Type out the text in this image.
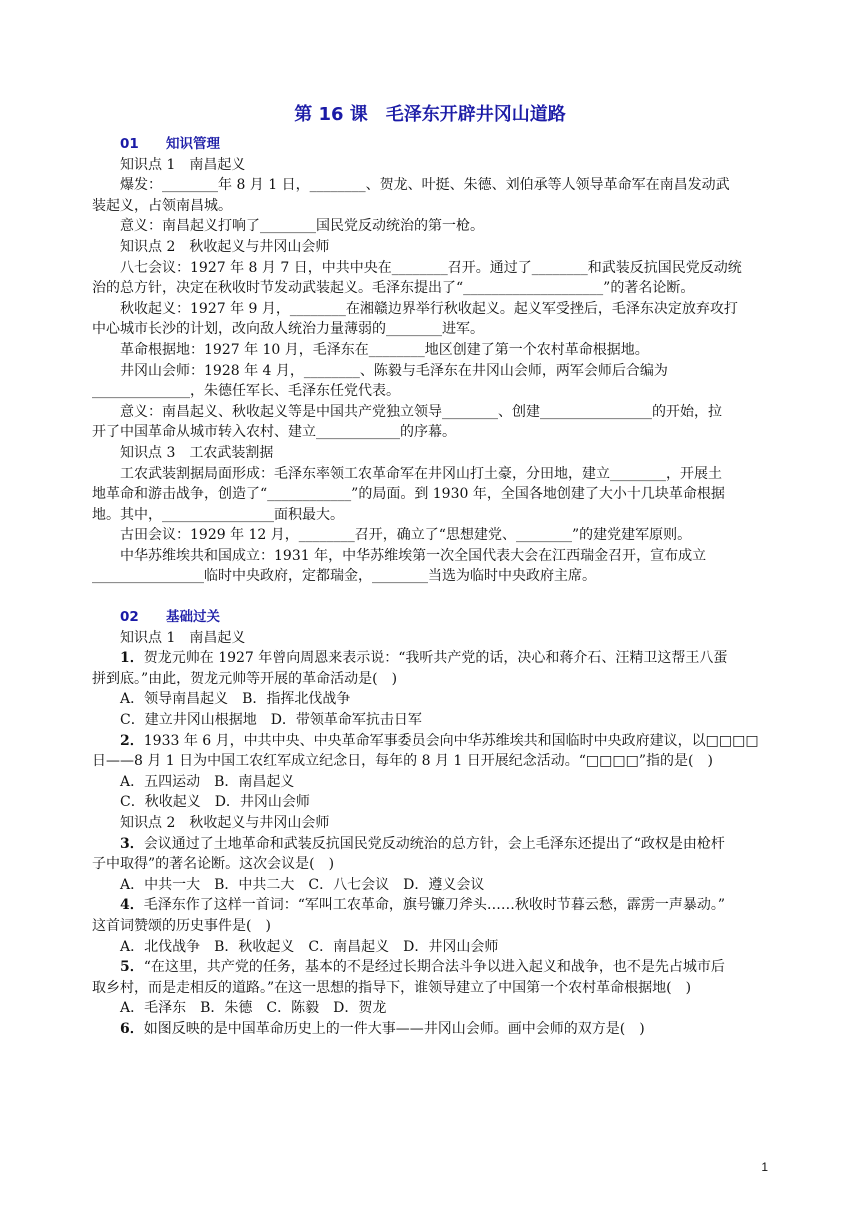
第 16 课　毛泽东开辟井冈山道路
01 知识管理
知识点 1　南昌起义
爆发：________年 8 月 1 日，________、贺龙、叶挺、朱德、刘伯承等人领导革命军在南昌发动武
装起义，占领南昌城。
意义：南昌起义打响了________国民党反动统治的第一枪。
知识点 2　秋收起义与井冈山会师
八七会议：1927 年 8 月 7 日，中共中央在________召开。通过了________和武装反抗国民党反动统
治的总方针，决定在秋收时节发动武装起义。毛泽东提出了“____________________”的著名论断。
秋收起义：1927 年 9 月，________在湘赣边界举行秋收起义。起义军受挫后，毛泽东决定放弃攻打
中心城市长沙的计划，改向敌人统治力量薄弱的________进军。
革命根据地：1927 年 10 月，毛泽东在________地区创建了第一个农村革命根据地。
井冈山会师：1928 年 4 月，________、陈毅与毛泽东在井冈山会师，两军会师后合编为
______________，朱德任军长、毛泽东任党代表。
意义：南昌起义、秋收起义等是中国共产党独立领导________、创建________________的开始，拉
开了中国革命从城市转入农村、建立____________的序幕。
知识点 3　工农武装割据
工农武装割据局面形成：毛泽东率领工农革命军在井冈山打土豪，分田地，建立________，开展土
地革命和游击战争，创造了“____________”的局面。到 1930 年，全国各地创建了大小十几块革命根据
地。其中，________________面积最大。
古田会议：1929 年 12 月，________召开，确立了“思想建党、________”的建党建军原则。
中华苏维埃共和国成立：1931 年，中华苏维埃第一次全国代表大会在江西瑞金召开，宣布成立
________________临时中央政府，定都瑞金，________当选为临时中央政府主席。
02 基础过关
知识点 1　南昌起义
1．贺龙元帅在 1927 年曾向周恩来表示说：“我听共产党的话，决心和蒋介石、汪精卫这帮王八蛋
拼到底。”由此，贺龙元帅等开展的革命活动是(　)
A．领导南昌起义　B．指挥北伐战争
C．建立井冈山根据地　D．带领革命军抗击日军
2．1933 年 6 月，中共中央、中央革命军事委员会向中华苏维埃共和国临时中央政府建议，以□□□□
日——8 月 1 日为中国工农红军成立纪念日，每年的 8 月 1 日开展纪念活动。“□□□□”指的是(　)
A．五四运动　B．南昌起义
C．秋收起义　D．井冈山会师
知识点 2　秋收起义与井冈山会师
3．会议通过了土地革命和武装反抗国民党反动统治的总方针，会上毛泽东还提出了“政权是由枪杆
子中取得”的著名论断。这次会议是(　)
A．中共一大　B．中共二大　C．八七会议　D．遵义会议
4．毛泽东作了这样一首词：“军叫工农革命，旗号镰刀斧头……秋收时节暮云愁，霹雳一声暴动。”
这首词赞颂的历史事件是(　)
A．北伐战争　B．秋收起义　C．南昌起义　D．井冈山会师
5．“在这里，共产党的任务，基本的不是经过长期合法斗争以进入起义和战争，也不是先占城市后
取乡村，而是走相反的道路。”在这一思想的指导下，谁领导建立了中国第一个农村革命根据地(　)
A．毛泽东　B．朱德　C．陈毅　D．贺龙
6．如图反映的是中国革命历史上的一件大事——井冈山会师。画中会师的双方是(　)
1
